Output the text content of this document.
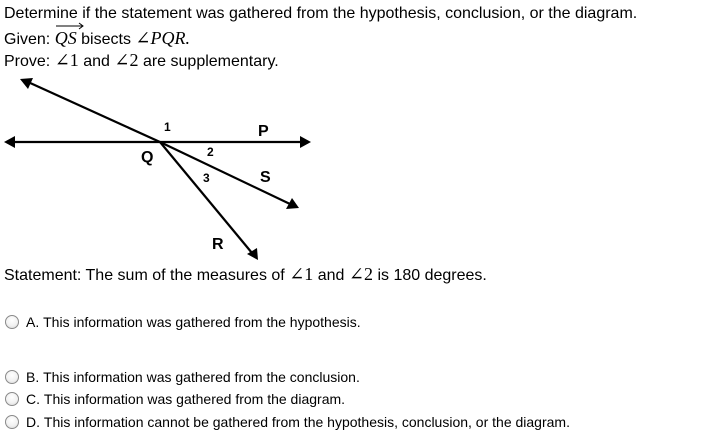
Determine if the statement was gathered from the hypothesis, conclusion, or the diagram.
Given: QS bisects ∠PQR.
Prove: ∠1 and ∠2 are supplementary.
P
Q
S
R
1
2
3
Statement: The sum of the measures of ∠1 and ∠2 is 180 degrees.
A.
This information was gathered from the hypothesis.
B.
This information was gathered from the conclusion.
C.
This information was gathered from the diagram.
D.
This information cannot be gathered from the hypothesis, conclusion, or the diagram.
